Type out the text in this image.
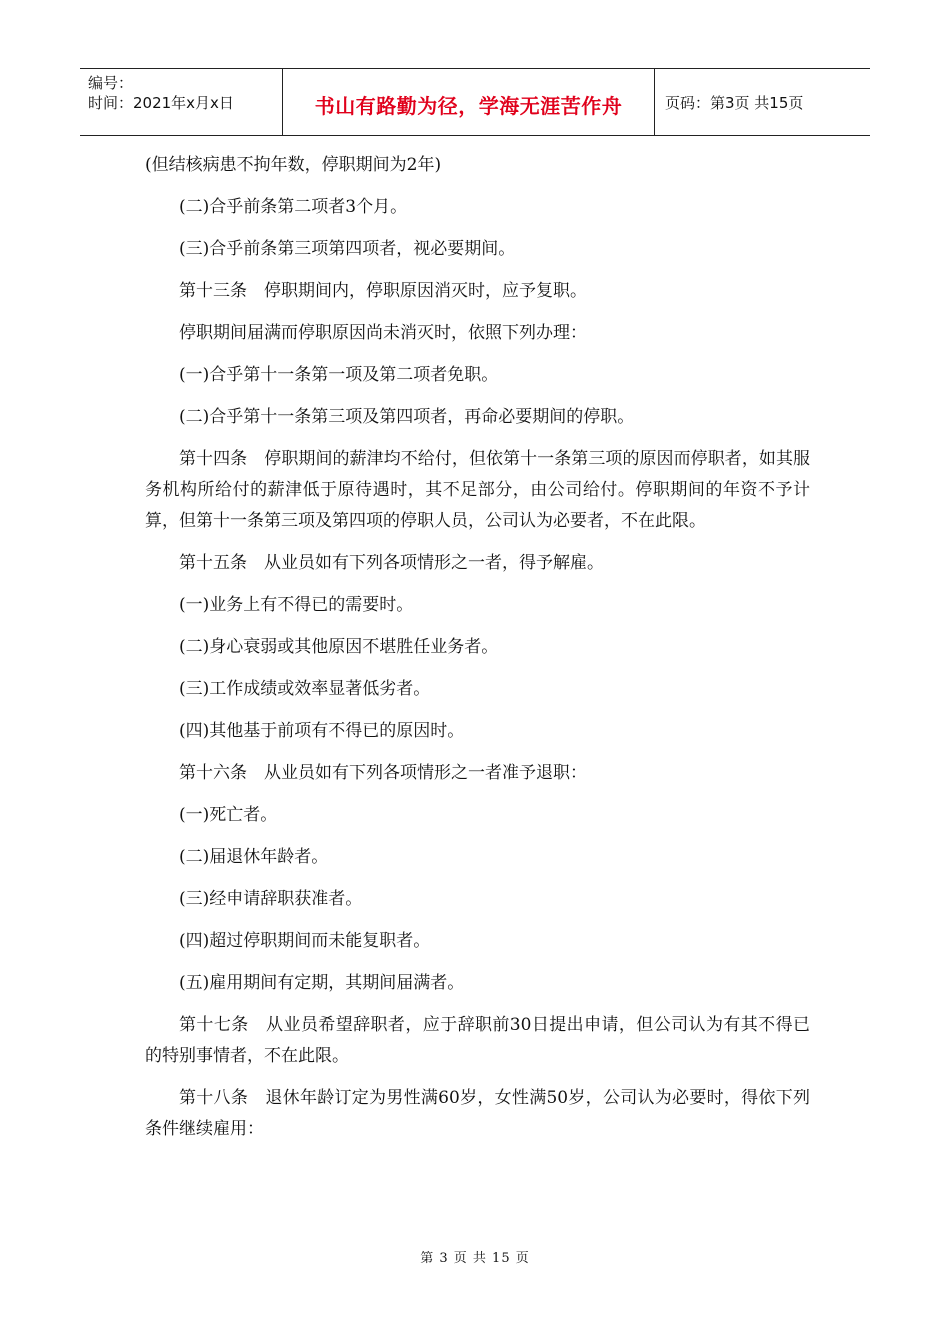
编号：
时间：2021年x月x日	书山有路勤为径，学海无涯苦作舟	页码：第3页 共15页

(但结核病患不拘年数，停职期间为2年)

(二)合乎前条第二项者3个月。

(三)合乎前条第三项第四项者，视必要期间。

第十三条　停职期间内，停职原因消灭时，应予复职。

停职期间届满而停职原因尚未消灭时，依照下列办理：

(一)合乎第十一条第一项及第二项者免职。

(二)合乎第十一条第三项及第四项者，再命必要期间的停职。

第十四条　停职期间的薪津均不给付，但依第十一条第三项的原因而停职者，如其服务机构所给付的薪津低于原待遇时，其不足部分，由公司给付。停职期间的年资不予计算，但第十一条第三项及第四项的停职人员，公司认为必要者，不在此限。

第十五条　从业员如有下列各项情形之一者，得予解雇。

(一)业务上有不得已的需要时。

(二)身心衰弱或其他原因不堪胜任业务者。

(三)工作成绩或效率显著低劣者。

(四)其他基于前项有不得已的原因时。

第十六条　从业员如有下列各项情形之一者准予退职：

(一)死亡者。

(二)届退休年龄者。

(三)经申请辞职获准者。

(四)超过停职期间而未能复职者。

(五)雇用期间有定期，其期间届满者。

第十七条　从业员希望辞职者，应于辞职前30日提出申请，但公司认为有其不得已的特别事情者，不在此限。

第十八条　退休年龄订定为男性满60岁，女性满50岁，公司认为必要时，得依下列条件继续雇用：

第 3 页 共 15 页
